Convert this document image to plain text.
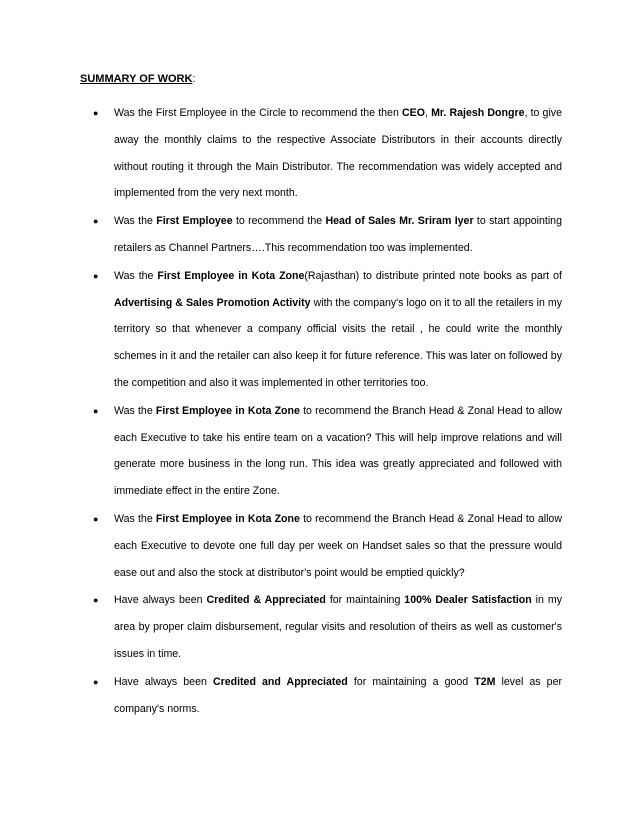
SUMMARY OF WORK:
● Was the First Employee in the Circle to recommend the then CEO, Mr. Rajesh Dongre, to give away the monthly claims to the respective Associate Distributors in their accounts directly without routing it through the Main Distributor. The recommendation was widely accepted and implemented from the very next month.
● Was the First Employee to recommend the Head of Sales Mr. Sriram Iyer to start appointing retailers as Channel Partners….This recommendation too was implemented.
● Was the First Employee in Kota Zone(Rajasthan) to distribute printed note books as part of Advertising & Sales Promotion Activity with the company's logo on it to all the retailers in my territory so that whenever a company official visits the retail , he could write the monthly schemes in it and the retailer can also keep it for future reference. This was later on followed by the competition and also it was implemented in other territories too.
● Was the First Employee in Kota Zone to recommend the Branch Head & Zonal Head to allow each Executive to take his entire team on a vacation? This will help improve relations and will generate more business in the long run. This idea was greatly appreciated and followed with immediate effect in the entire Zone.
● Was the First Employee in Kota Zone to recommend the Branch Head & Zonal Head to allow each Executive to devote one full day per week on Handset sales so that the pressure would ease out and also the stock at distributor's point would be emptied quickly?
● Have always been Credited & Appreciated for maintaining 100% Dealer Satisfaction in my area by proper claim disbursement, regular visits and resolution of theirs as well as customer's issues in time.
● Have always been Credited and Appreciated for maintaining a good T2M level as per company's norms.
